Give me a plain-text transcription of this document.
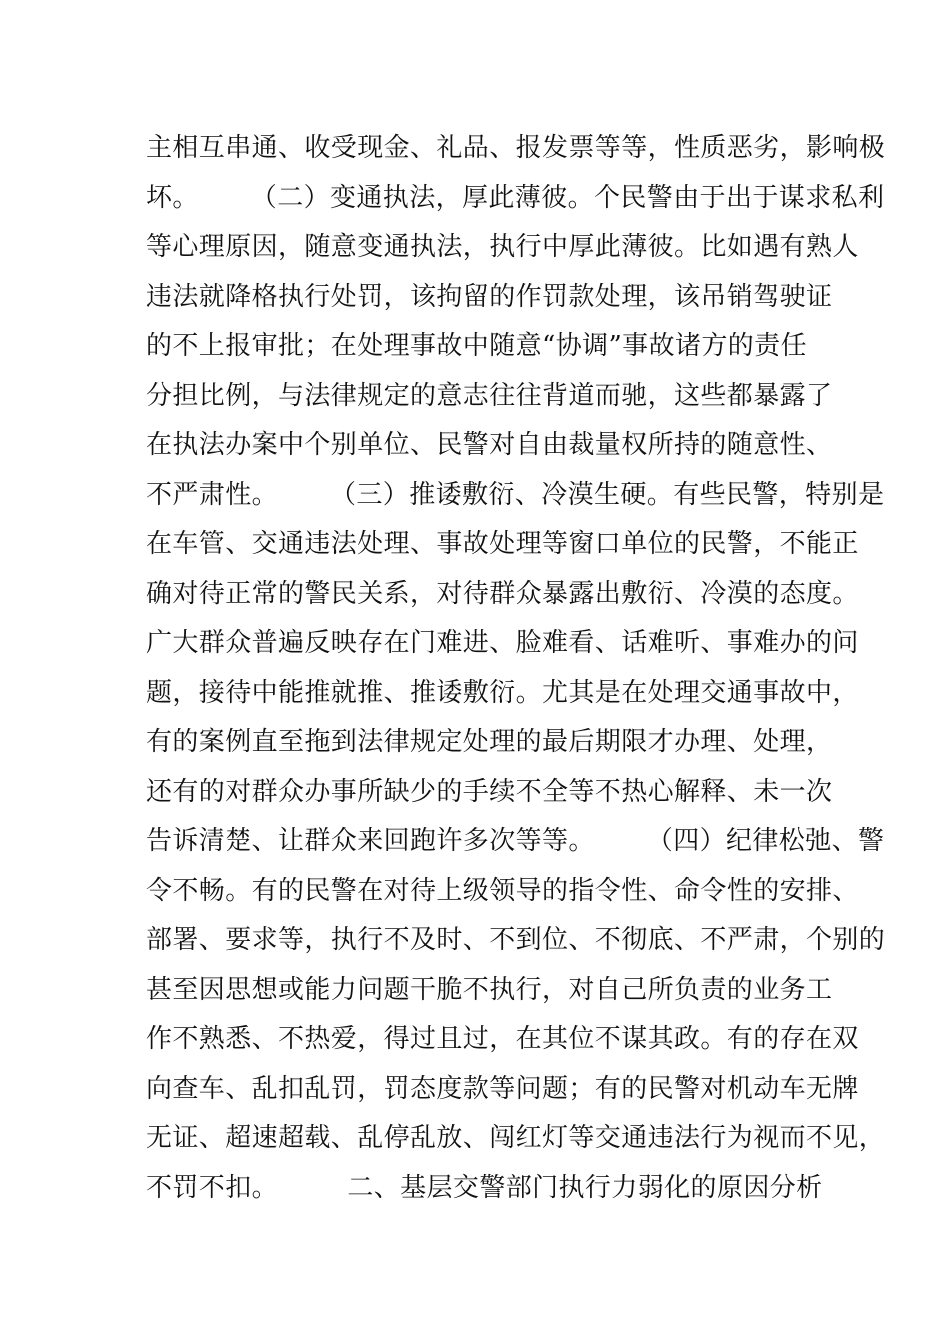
主相互串通、收受现金、礼品、报发票等等，性质恶劣，影响极
坏。      （二）变通执法，厚此薄彼。个民警由于出于谋求私利
等心理原因，随意变通执法，执行中厚此薄彼。比如遇有熟人
违法就降格执行处罚，该拘留的作罚款处理，该吊销驾驶证
的不上报审批；在处理事故中随意“协调”事故诸方的责任
分担比例，与法律规定的意志往往背道而驰，这些都暴露了
在执法办案中个别单位、民警对自由裁量权所持的随意性、
不严肃性。      （三）推诿敷衍、冷漠生硬。有些民警，特别是
在车管、交通违法处理、事故处理等窗口单位的民警，不能正
确对待正常的警民关系，对待群众暴露出敷衍、冷漠的态度。
广大群众普遍反映存在门难进、脸难看、话难听、事难办的问
题，接待中能推就推、推诿敷衍。尤其是在处理交通事故中，
有的案例直至拖到法律规定处理的最后期限才办理、处理，
还有的对群众办事所缺少的手续不全等不热心解释、未一次
告诉清楚、让群众来回跑许多次等等。      （四）纪律松弛、警
令不畅。有的民警在对待上级领导的指令性、命令性的安排、
部署、要求等，执行不及时、不到位、不彻底、不严肃，个别的
甚至因思想或能力问题干脆不执行，对自己所负责的业务工
作不熟悉、不热爱，得过且过，在其位不谋其政。有的存在双
向查车、乱扣乱罚，罚态度款等问题；有的民警对机动车无牌
无证、超速超载、乱停乱放、闯红灯等交通违法行为视而不见，
不罚不扣。        二、基层交警部门执行力弱化的原因分析
